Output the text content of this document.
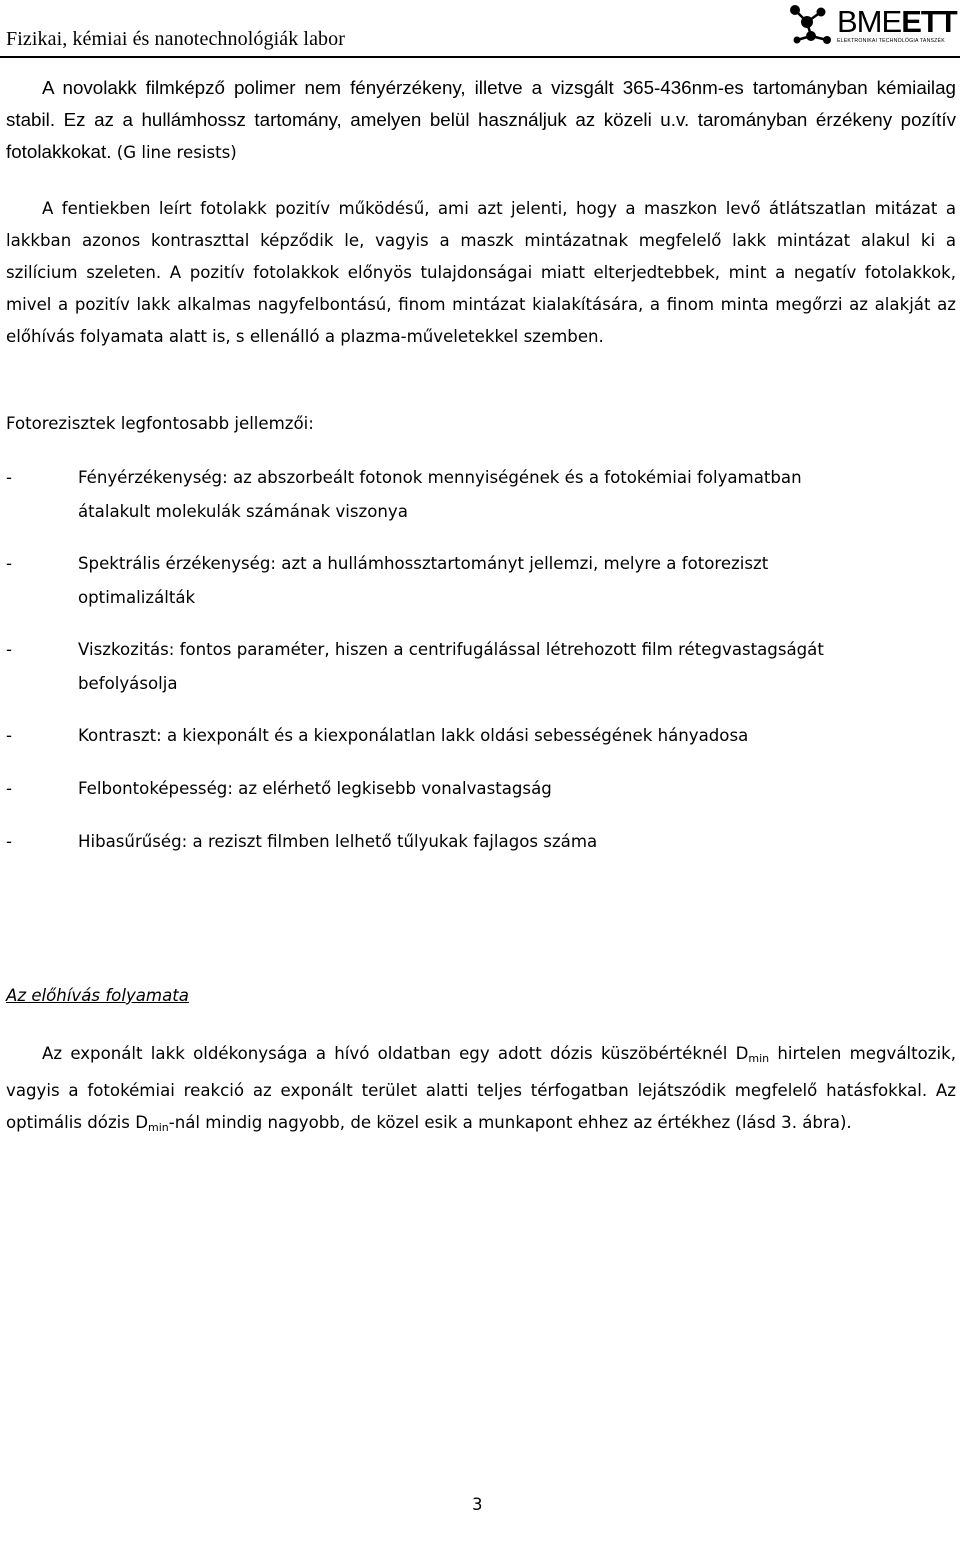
Fizikai, kémiai és nanotechnológiák labor	BMEETT
ELEKTRONIKAI TECHNOLÓGIA TANSZÉK

A novolakk filmképző polimer nem fényérzékeny, illetve a vizsgált 365-436nm-es tartományban kémiailag stabil. Ez az a hullámhossz tartomány, amelyen belül használjuk az közeli u.v. tarományban érzékeny pozítív fotolakkokat. (G line resists)

A fentiekben leírt fotolakk pozitív működésű, ami azt jelenti, hogy a maszkon levő átlátszatlan mitázat a lakkban azonos kontraszttal képződik le, vagyis a maszk mintázatnak megfelelő lakk mintázat alakul ki a szilícium szeleten. A pozitív fotolakkok előnyös tulajdonságai miatt elterjedtebbek, mint a negatív fotolakkok, mivel a pozitív lakk alkalmas nagyfelbontású, finom mintázat kialakítására, a finom minta megőrzi az alakját az előhívás folyamata alatt is, s ellenálló a plazma-műveletekkel szemben.

Fotorezisztek legfontosabb jellemzői:
-	Fényérzékenység: az abszorbeált fotonok mennyiségének és a fotokémiai folyamatban
átalakult molekulák számának viszonya
-	Spektrális érzékenység: azt a hullámhossztartományt jellemzi, melyre a fotoreziszt
optimalizálták
-	Viszkozitás: fontos paraméter, hiszen a centrifugálással létrehozott film rétegvastagságát
befolyásolja
-	Kontraszt: a kiexponált és a kiexponálatlan lakk oldási sebességének hányadosa
-	Felbontoképesség: az elérhető legkisebb vonalvastagság
-	Hibasűrűség: a reziszt filmben lelhető tűlyukak fajlagos száma
Az előhívás folyamata

Az exponált lakk oldékonysága a hívó oldatban egy adott dózis küszöbértéknél $D_{min}$ hirtelen megváltozik, vagyis a fotokémiai reakció az exponált terület alatti teljes térfogatban lejátszódik megfelelő hatásfokkal. Az optimális dózis $D_{min}$-nál mindig nagyobb, de közel esik a munkapont ehhez az értékhez (lásd 3. ábra).

3
